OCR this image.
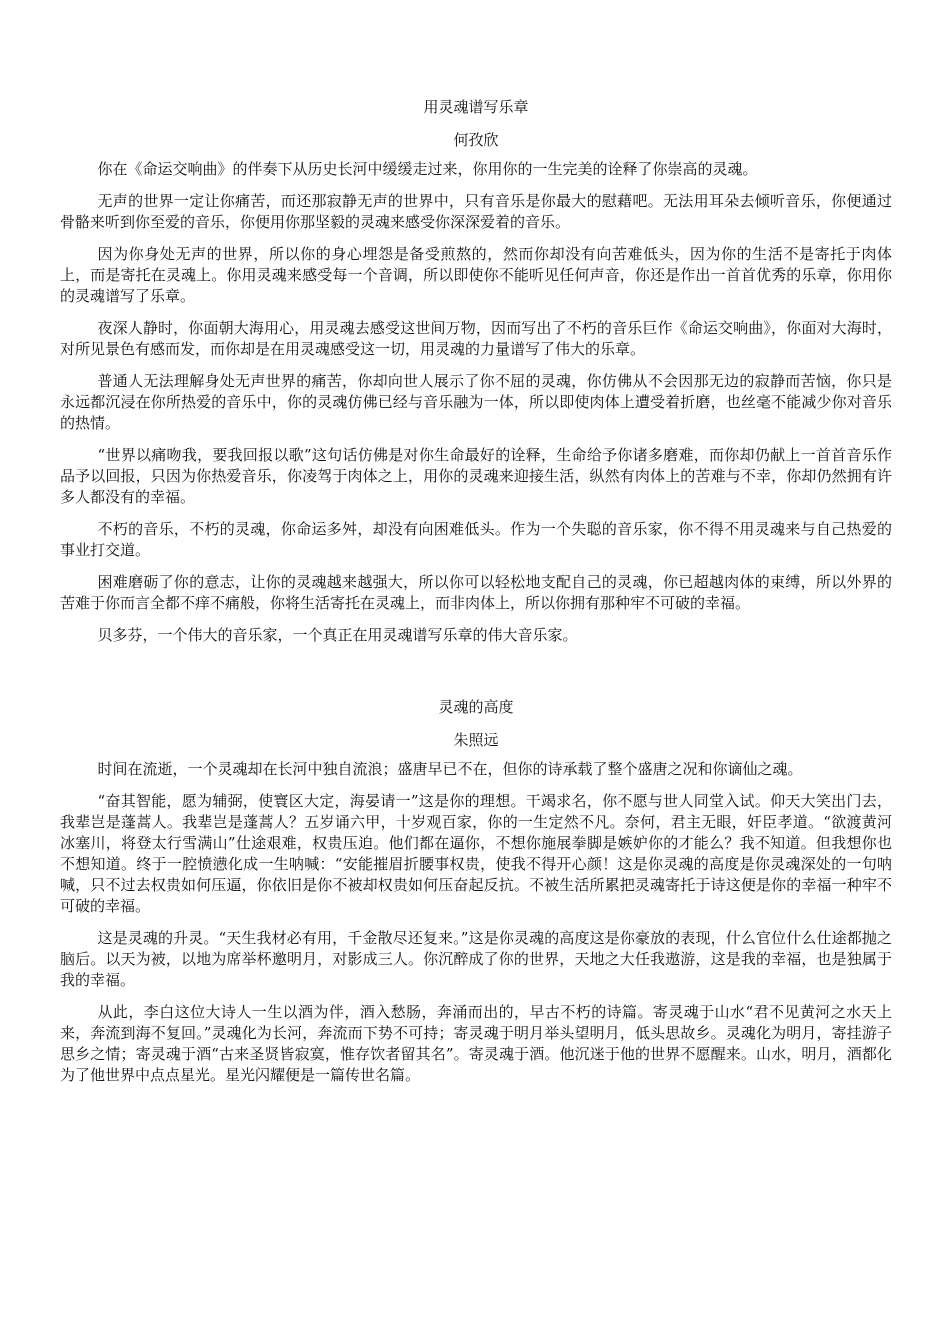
用灵魂谱写乐章
何孜欣

你在《命运交响曲》的伴奏下从历史长河中缓缓走过来，你用你的一生完美的诠释了你崇高的灵魂。

无声的世界一定让你痛苦，而还那寂静无声的世界中，只有音乐是你最大的慰藉吧。无法用耳朵去倾听音乐，你便通过骨骼来听到你至爱的音乐，你便用你那坚毅的灵魂来感受你深深爱着的音乐。

因为你身处无声的世界，所以你的身心埋怨是备受煎熬的，然而你却没有向苦难低头，因为你的生活不是寄托于肉体上，而是寄托在灵魂上。你用灵魂来感受每一个音调，所以即使你不能听见任何声音，你还是作出一首首优秀的乐章，你用你的灵魂谱写了乐章。

夜深人静时，你面朝大海用心，用灵魂去感受这世间万物，因而写出了不朽的音乐巨作《命运交响曲》，你面对大海时，对所见景色有感而发，而你却是在用灵魂感受这一切，用灵魂的力量谱写了伟大的乐章。

普通人无法理解身处无声世界的痛苦，你却向世人展示了你不屈的灵魂，你仿佛从不会因那无边的寂静而苦恼，你只是永远都沉浸在你所热爱的音乐中，你的灵魂仿佛已经与音乐融为一体，所以即使肉体上遭受着折磨，也丝毫不能减少你对音乐的热情。

“世界以痛吻我，要我回报以歌”这句话仿佛是对你生命最好的诠释，生命给予你诸多磨难，而你却仍献上一首首音乐作品予以回报，只因为你热爱音乐，你凌驾于肉体之上，用你的灵魂来迎接生活，纵然有肉体上的苦难与不幸，你却仍然拥有许多人都没有的幸福。

不朽的音乐，不朽的灵魂，你命运多舛，却没有向困难低头。作为一个失聪的音乐家，你不得不用灵魂来与自己热爱的事业打交道。

困难磨砺了你的意志，让你的灵魂越来越强大，所以你可以轻松地支配自己的灵魂，你已超越肉体的束缚，所以外界的苦难于你而言全都不痒不痛般，你将生活寄托在灵魂上，而非肉体上，所以你拥有那种牢不可破的幸福。

贝多芬，一个伟大的音乐家，一个真正在用灵魂谱写乐章的伟大音乐家。

灵魂的高度
朱照远

时间在流逝，一个灵魂却在长河中独自流浪；盛唐早已不在，但你的诗承载了整个盛唐之况和你谪仙之魂。

“奋其智能，愿为辅弼，使寰区大定，海晏请一”这是你的理想。干竭求名，你不愿与世人同堂入试。仰天大笑出门去，我辈岂是蓬蒿人。我辈岂是蓬蒿人？五岁诵六甲，十岁观百家，你的一生定然不凡。奈何，君主无眼，奸臣孝道。“欲渡黄河冰塞川，将登太行雪满山”仕途艰难，权贵压迫。他们都在逼你，不想你施展拳脚是嫉妒你的才能么？我不知道。但我想你也不想知道。终于一腔愤懑化成一生呐喊：“安能摧眉折腰事权贵，使我不得开心颜！这是你灵魂的高度是你灵魂深处的一句呐喊，只不过去权贵如何压逼，你依旧是你不被却权贵如何压奋起反抗。不被生活所累把灵魂寄托于诗这便是你的幸福一种牢不可破的幸福。

这是灵魂的升灵。“天生我材必有用，千金散尽还复来。”这是你灵魂的高度这是你豪放的表现，什么官位什么仕途都抛之脑后。以天为被，以地为席举杯邀明月，对影成三人。你沉醉成了你的世界，天地之大任我遨游，这是我的幸福，也是独属于我的幸福。

从此，李白这位大诗人一生以酒为伴，酒入愁肠，奔涌而出的，早古不朽的诗篇。寄灵魂于山水“君不见黄河之水天上来，奔流到海不复回。”灵魂化为长河，奔流而下势不可持；寄灵魂于明月举头望明月，低头思故乡。灵魂化为明月，寄挂游子思乡之情；寄灵魂于酒“古来圣贤皆寂寞，惟存饮者留其名”。寄灵魂于酒。他沉迷于他的世界不愿醒来。山水，明月，酒都化为了他世界中点点星光。星光闪耀便是一篇传世名篇。
